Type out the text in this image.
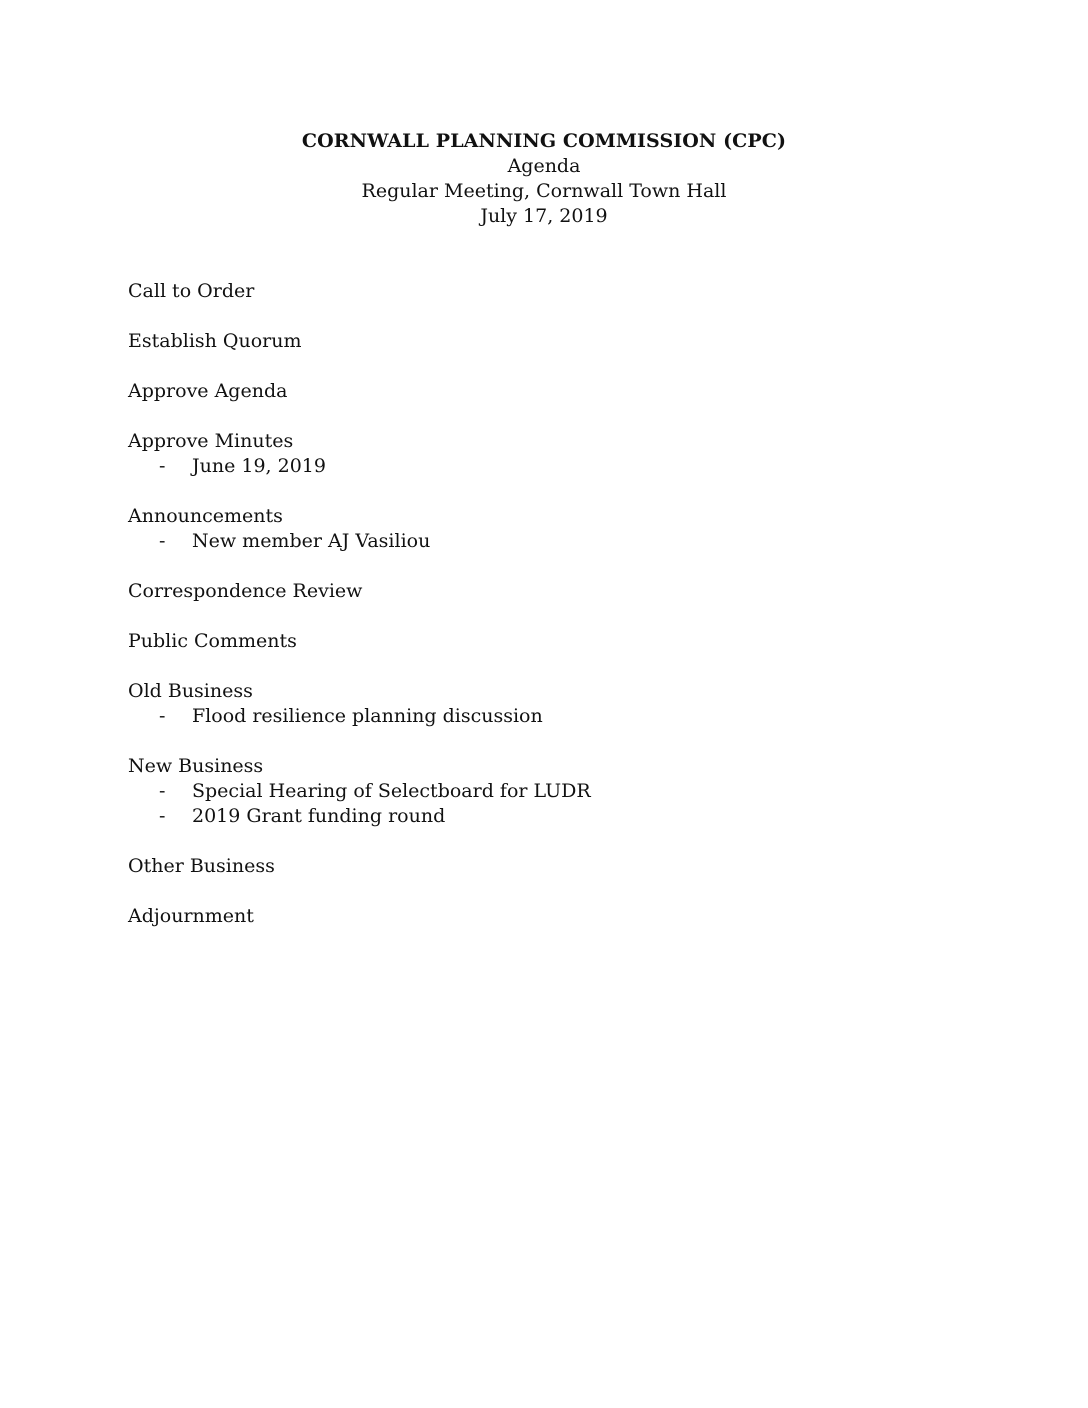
CORNWALL PLANNING COMMISSION (CPC)
Agenda
Regular Meeting, Cornwall Town Hall
July 17, 2019
Call to Order
Establish Quorum
Approve Agenda
Approve Minutes
- June 19, 2019
Announcements
- New member AJ Vasiliou
Correspondence Review
Public Comments
Old Business
- Flood resilience planning discussion
New Business
- Special Hearing of Selectboard for LUDR
- 2019 Grant funding round
Other Business
Adjournment
